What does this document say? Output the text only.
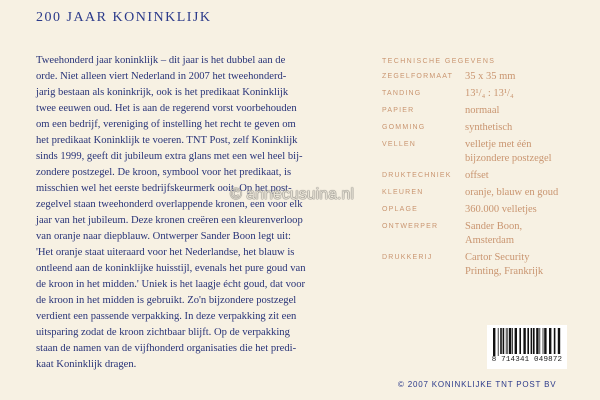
200 JAAR KONINKLIJK

Tweehonderd jaar koninklijk – dit jaar is het dubbel aan de

orde. Niet alleen viert Nederland in 2007 het tweehonderd-

jarig bestaan als koninkrijk, ook is het predikaat Koninklijk

twee eeuwen oud. Het is aan de regerend vorst voorbehouden

om een bedrijf, vereniging of instelling het recht te geven om

het predikaat Koninklijk te voeren. TNT Post, zelf Koninklijk

sinds 1999, geeft dit jubileum extra glans met een wel heel bij-

zondere postzegel. De kroon, symbool voor het predikaat, is

misschien wel het eerste bedrijfskeurmerk ooit. Op het post-

zegelvel staan tweehonderd overlappende kronen, een voor elk

jaar van het jubileum. Deze kronen creëren een kleurenverloop

van oranje naar diepblauw. Ontwerper Sander Boon legt uit:

'Het oranje staat uiteraard voor het Nederlandse, het blauw is

ontleend aan de koninklijke huisstijl, evenals het pure goud van

de kroon in het midden.' Uniek is het laagje écht goud, dat voor

de kroon in het midden is gebruikt. Zo'n bijzondere postzegel

verdient een passende verpakking. In deze verpakking zit een

uitsparing zodat de kroon zichtbaar blijft. Op de verpakking

staan de namen van de vijfhonderd organisaties die het predi-

kaat Koninklijk dragen.

TECHNISCHE GEGEVENS
ZEGELFORMAAT	35 x 35 mm
TANDING	13¹/₄ : 13¹/₄
PAPIER	normaal
GOMMING	synthetisch
VELLEN	velletje met één
bijzondere postzegel
DRUKTECHNIEK	offset
KLEUREN	oranje, blauw en goud
OPLAGE	360.000 velletjes
ONTWERPER	Sander Boon,
Amsterdam
DRUKKERIJ	Cartor Security
Printing, Frankrijk
© annecusuina.nl
8 714341 049872
© 2007 KONINKLIJKE TNT POST BV
